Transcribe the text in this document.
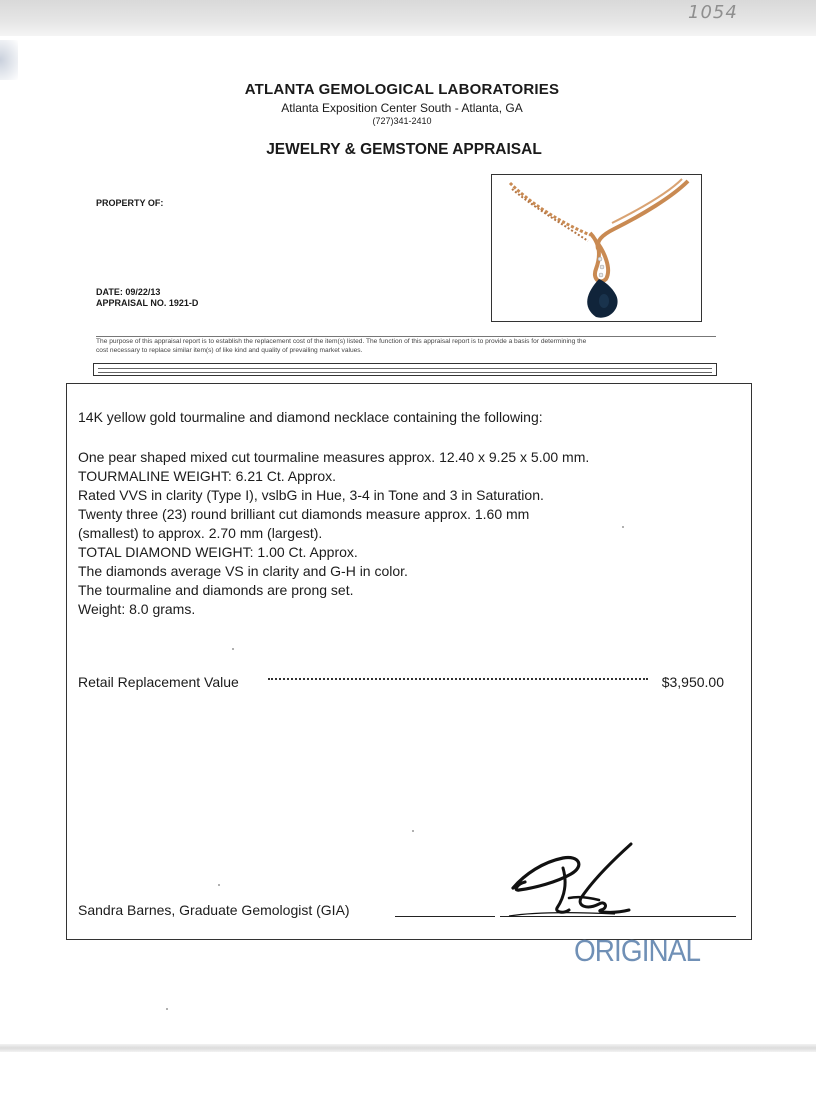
1054
ATLANTA GEMOLOGICAL LABORATORIES
Atlanta Exposition Center South - Atlanta, GA
(727)341-2410
JEWELRY & GEMSTONE APPRAISAL
PROPERTY OF:
DATE: 09/22/13
APPRAISAL NO. 1921-D
The purpose of this appraisal report is to establish the replacement cost of the item(s) listed. The function of this appraisal report is to provide a basis for determining the
cost necessary to replace similar item(s) of like kind and quality of prevailing market values.
14K yellow gold tourmaline and diamond necklace containing the following:
One pear shaped mixed cut tourmaline measures approx. 12.40 x 9.25 x 5.00 mm.
TOURMALINE WEIGHT: 6.21 Ct. Approx.
Rated VVS in clarity (Type I), vslbG in Hue, 3-4 in Tone and 3 in Saturation.
Twenty three (23) round brilliant cut diamonds measure approx. 1.60 mm
(smallest) to approx. 2.70 mm (largest).
TOTAL DIAMOND WEIGHT: 1.00 Ct. Approx.
The diamonds average VS in clarity and G-H in color.
The tourmaline and diamonds are prong set.
Weight: 8.0 grams.
Retail Replacement Value	$3,950.00
Sandra Barnes, Graduate Gemologist (GIA)
ORIGINAL
